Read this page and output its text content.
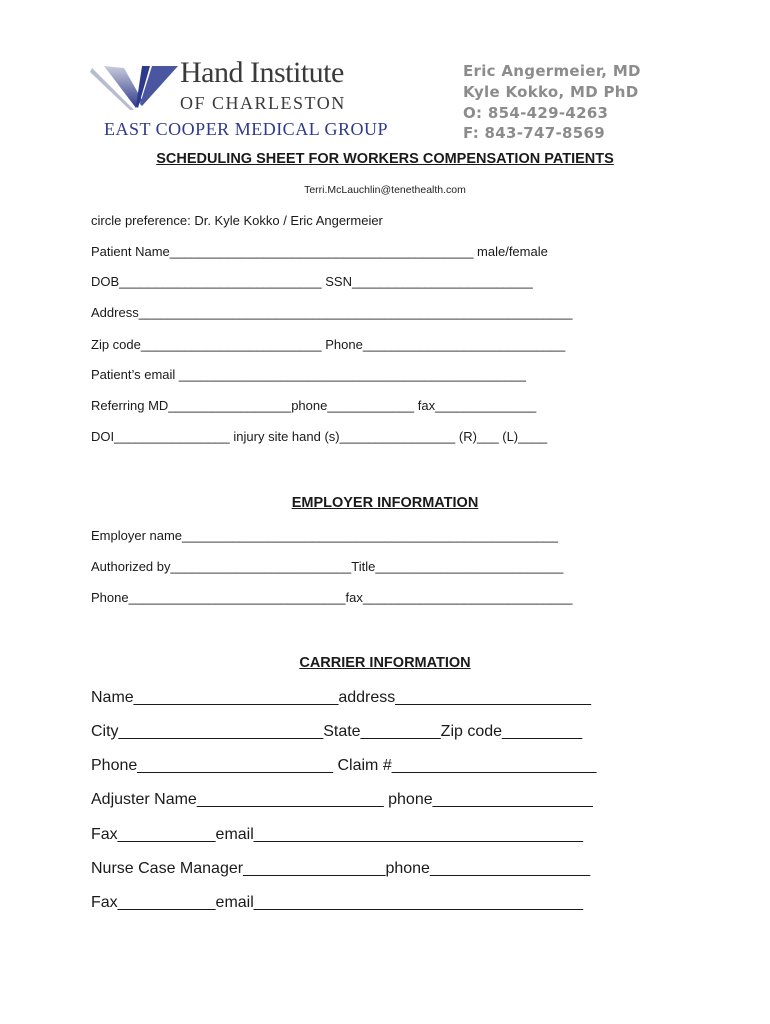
Hand Institute
OF CHARLESTON
EAST COOPER MEDICAL GROUP
Eric Angermeier, MD
Kyle Kokko, MD PhD
O: 854-429-4263
F: 843-747-8569
SCHEDULING SHEET FOR WORKERS COMPENSATION PATIENTS
Terri.McLauchlin@tenethealth.com
circle preference: Dr. Kyle Kokko / Eric Angermeier
Patient Name__________________________________________ male/female
DOB____________________________ SSN_________________________
Address____________________________________________________________
Zip code_________________________ Phone____________________________
Patient’s email ________________________________________________
Referring MD_________________phone____________ fax______________
DOI________________ injury site hand (s)________________ (R)___ (L)____
EMPLOYER INFORMATION
Employer name____________________________________________________
Authorized by_________________________Title__________________________
Phone______________________________fax_____________________________
CARRIER INFORMATION
Name_______________________address______________________
City_______________________State_________Zip code_________
Phone______________________ Claim #_______________________
Adjuster Name_____________________ phone__________________
Fax___________email_____________________________________
Nurse Case Manager________________phone__________________
Fax___________email_____________________________________
